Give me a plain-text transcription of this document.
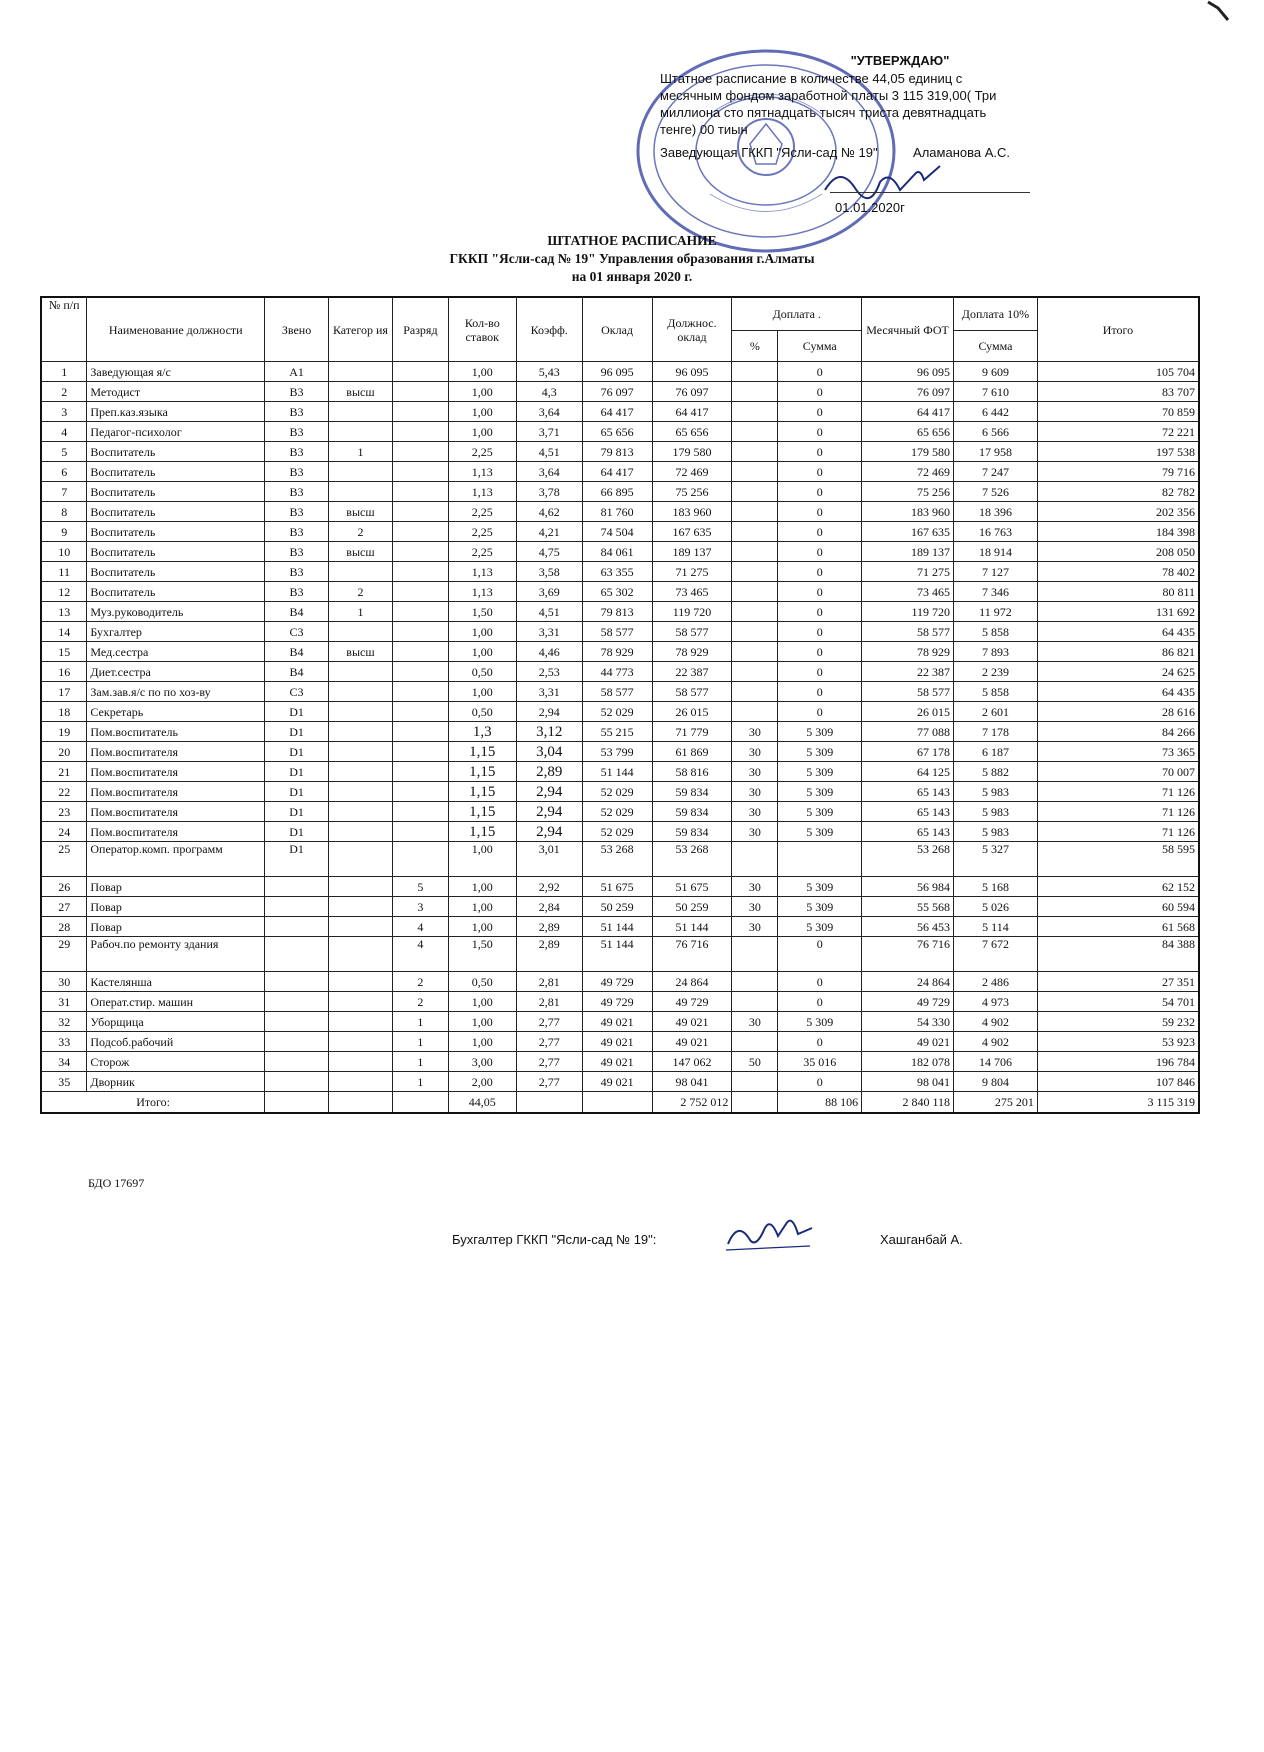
"УТВЕРЖДАЮ"
Штатное расписание в количестве 44,05 единиц с
месячным фондом заработной платы 3 115 319,00( Три
миллиона сто пятнадцать тысяч триста девятнадцать
тенге) 00 тиын
Заведующая ГККП "Ясли-сад № 19"	Аламанова А.С.
01.01.2020г
ШТАТНОЕ РАСПИСАНИЕ
ГККП "Ясли-сад № 19" Управления образования г.Алматы
на 01 января 2020 г.
№ п/п	Наименование должности	Звено	Категор ия	Разряд	Кол-во ставок	Коэфф.	Оклад	Должнос. оклад	Доплата .		Месячный ФОТ	Доплата 10%	Итого
									%	Сумма		Сумма	
1	Заведующая я/с	А1			1,00	5,43	96 095	96 095		0	96 095	9 609	105 704
2	Методист	В3	высш		1,00	4,3	76 097	76 097		0	76 097	7 610	83 707
3	Преп.каз.языка	В3			1,00	3,64	64 417	64 417		0	64 417	6 442	70 859
4	Педагог-психолог	В3			1,00	3,71	65 656	65 656		0	65 656	6 566	72 221
5	Воспитатель	В3	1		2,25	4,51	79 813	179 580		0	179 580	17 958	197 538
6	Воспитатель	В3			1,13	3,64	64 417	72 469		0	72 469	7 247	79 716
7	Воспитатель	В3			1,13	3,78	66 895	75 256		0	75 256	7 526	82 782
8	Воспитатель	В3	высш		2,25	4,62	81 760	183 960		0	183 960	18 396	202 356
9	Воспитатель	В3	2		2,25	4,21	74 504	167 635		0	167 635	16 763	184 398
10	Воспитатель	В3	высш		2,25	4,75	84 061	189 137		0	189 137	18 914	208 050
11	Воспитатель	В3			1,13	3,58	63 355	71 275		0	71 275	7 127	78 402
12	Воспитатель	В3	2		1,13	3,69	65 302	73 465		0	73 465	7 346	80 811
13	Муз.руководитель	В4	1		1,50	4,51	79 813	119 720		0	119 720	11 972	131 692
14	Бухгалтер	С3			1,00	3,31	58 577	58 577		0	58 577	5 858	64 435
15	Мед.сестра	В4	высш		1,00	4,46	78 929	78 929		0	78 929	7 893	86 821
16	Диет.сестра	В4			0,50	2,53	44 773	22 387		0	22 387	2 239	24 625
17	Зам.зав.я/с по по хоз-ву	С3			1,00	3,31	58 577	58 577		0	58 577	5 858	64 435
18	Секретарь	D1			0,50	2,94	52 029	26 015		0	26 015	2 601	28 616
19	Пом.воспитатель	D1			1,3	3,12	55 215	71 779	30	5 309	77 088	7 178	84 266
20	Пом.воспитателя	D1			1,15	3,04	53 799	61 869	30	5 309	67 178	6 187	73 365
21	Пом.воспитателя	D1			1,15	2,89	51 144	58 816	30	5 309	64 125	5 882	70 007
22	Пом.воспитателя	D1			1,15	2,94	52 029	59 834	30	5 309	65 143	5 983	71 126
23	Пом.воспитателя	D1			1,15	2,94	52 029	59 834	30	5 309	65 143	5 983	71 126
24	Пом.воспитателя	D1			1,15	2,94	52 029	59 834	30	5 309	65 143	5 983	71 126
25	Оператор.комп. программ	D1			1,00	3,01	53 268	53 268			53 268	5 327	58 595
26	Повар			5	1,00	2,92	51 675	51 675	30	5 309	56 984	5 168	62 152
27	Повар			3	1,00	2,84	50 259	50 259	30	5 309	55 568	5 026	60 594
28	Повар			4	1,00	2,89	51 144	51 144	30	5 309	56 453	5 114	61 568
29	Рабоч.по ремонту здания			4	1,50	2,89	51 144	76 716		0	76 716	7 672	84 388
30	Кастелянша			2	0,50	2,81	49 729	24 864		0	24 864	2 486	27 351
31	Операт.стир. машин			2	1,00	2,81	49 729	49 729		0	49 729	4 973	54 701
32	Уборщица			1	1,00	2,77	49 021	49 021	30	5 309	54 330	4 902	59 232
33	Подсоб.рабочий			1	1,00	2,77	49 021	49 021		0	49 021	4 902	53 923
34	Сторож			1	3,00	2,77	49 021	147 062	50	35 016	182 078	14 706	196 784
35	Дворник			1	2,00	2,77	49 021	98 041		0	98 041	9 804	107 846
Итого:					44,05			2 752 012		88 106	2 840 118	275 201	3 115 319
БДО 17697
Бухгалтер ГККП "Ясли-сад № 19":	Хашганбай А.
